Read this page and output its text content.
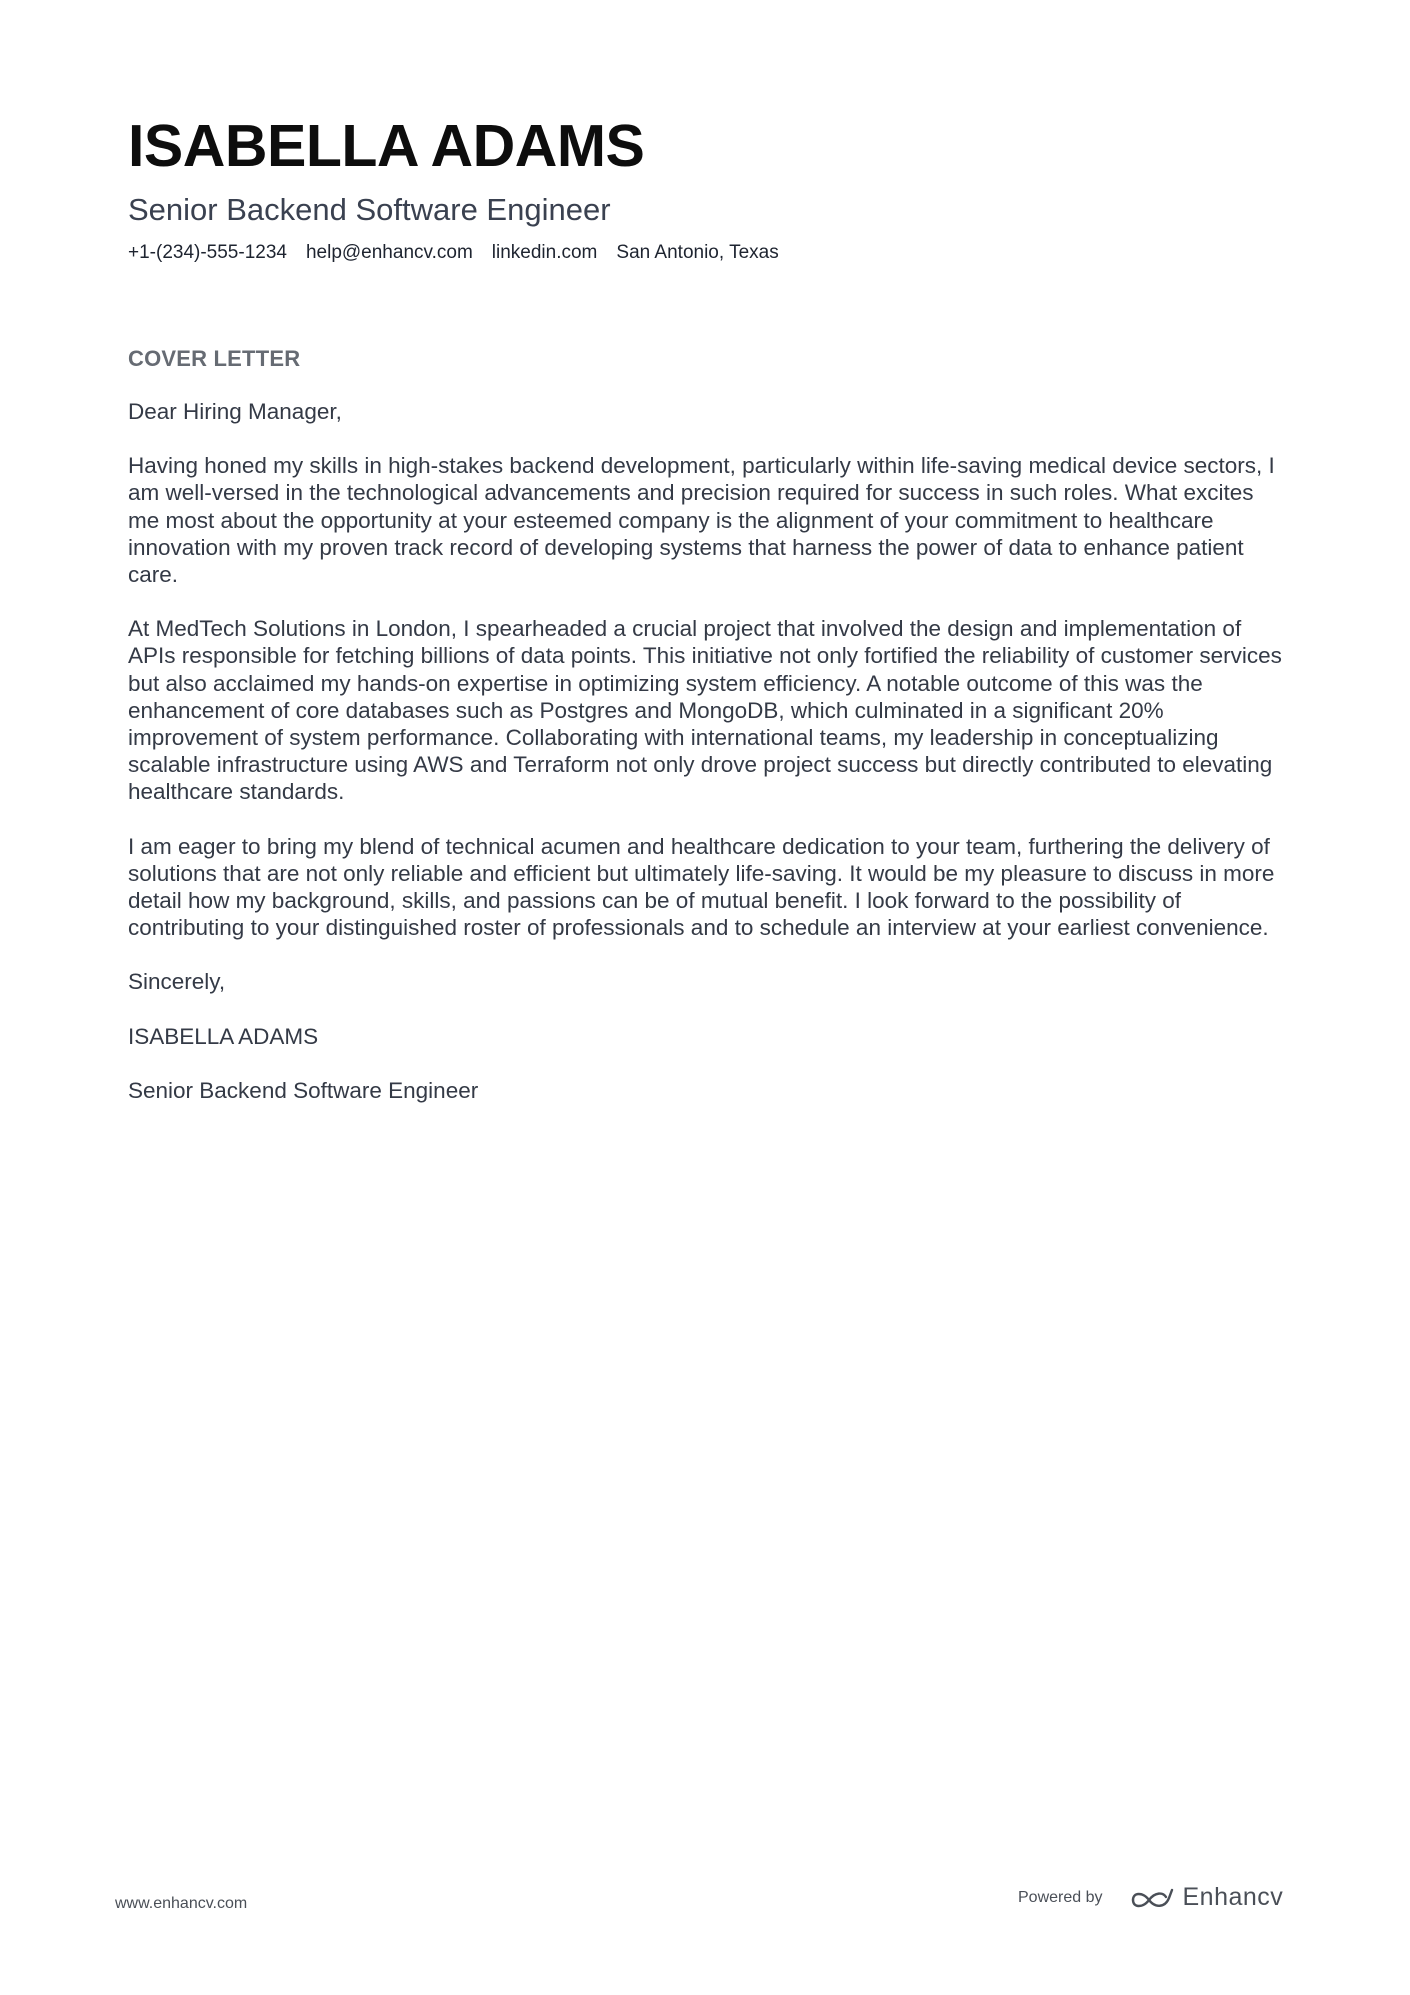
ISABELLA ADAMS
Senior Backend Software Engineer
+1-(234)-555-1234 help@enhancv.com linkedin.com San Antonio, Texas
COVER LETTER

Dear Hiring Manager,

Having honed my skills in high-stakes backend development, particularly within life-saving medical device sectors, I am well-versed in the technological advancements and precision required for success in such roles. What excites me most about the opportunity at your esteemed company is the alignment of your commitment to healthcare innovation with my proven track record of developing systems that harness the power of data to enhance patient care.

At MedTech Solutions in London, I spearheaded a crucial project that involved the design and implementation of APIs responsible for fetching billions of data points. This initiative not only fortified the reliability of customer services but also acclaimed my hands-on expertise in optimizing system efficiency. A notable outcome of this was the enhancement of core databases such as Postgres and MongoDB, which culminated in a significant 20% improvement of system performance. Collaborating with international teams, my leadership in conceptualizing scalable infrastructure using AWS and Terraform not only drove project success but directly contributed to elevating healthcare standards.

I am eager to bring my blend of technical acumen and healthcare dedication to your team, furthering the delivery of solutions that are not only reliable and efficient but ultimately life-saving. It would be my pleasure to discuss in more detail how my background, skills, and passions can be of mutual benefit. I look forward to the possibility of contributing to your distinguished roster of professionals and to schedule an interview at your earliest convenience.

Sincerely,

ISABELLA ADAMS

Senior Backend Software Engineer

www.enhancv.com	Powered by	Enhancv
